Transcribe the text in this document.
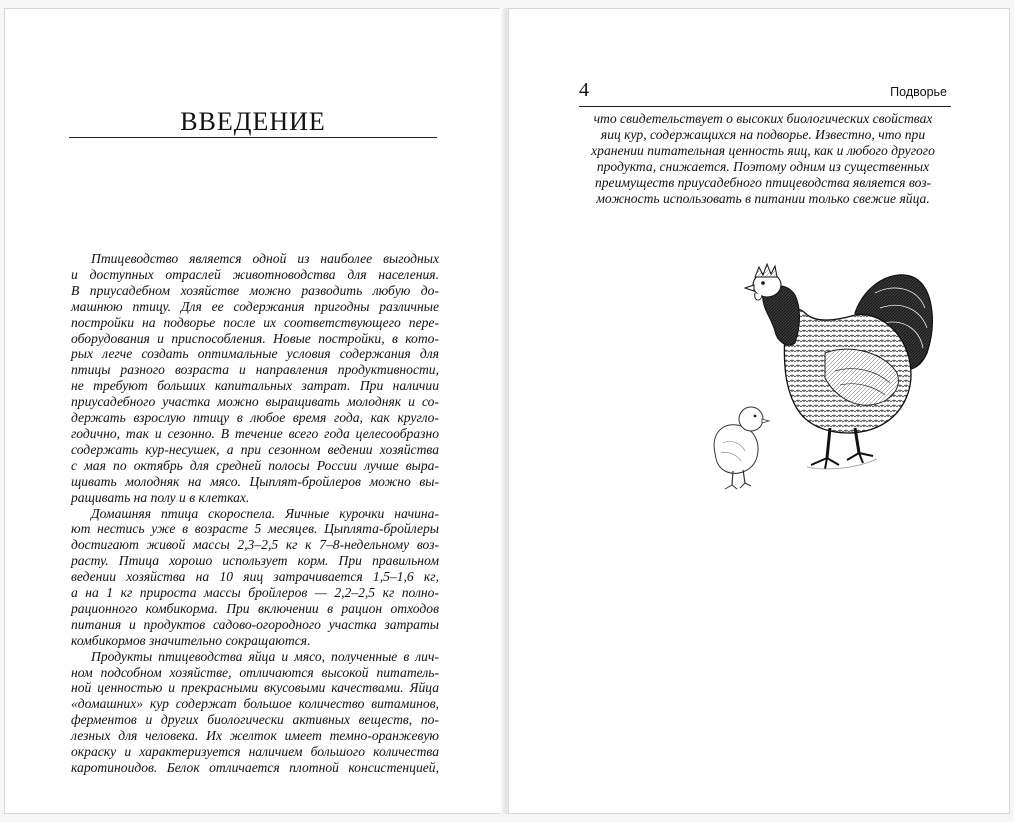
ВВЕДЕНИЕ
Птицеводство является одной из наиболее выгодных
и доступных отраслей животноводства для населения.
В приусадебном хозяйстве можно разводить любую до-
машнюю птицу. Для ее содержания пригодны различные
постройки на подворье после их соответствующего пере-
оборудования и приспособления. Новые постройки, в кото-
рых легче создать оптимальные условия содержания для
птицы разного возраста и направления продуктивности,
не требуют больших капитальных затрат. При наличии
приусадебного участка можно выращивать молодняк и со-
держать взрослую птицу в любое время года, как кругло-
годично, так и сезонно. В течение всего года целесообразно
содержать кур-несушек, а при сезонном ведении хозяйства
с мая по октябрь для средней полосы России лучше выра-
щивать молодняк на мясо. Цыплят-бройлеров можно вы-
ращивать на полу и в клетках.
Домашняя птица скороспела. Яичные курочки начина-
ют нестись уже в возрасте 5 месяцев. Цыплята-бройлеры
достигают живой массы 2,3–2,5 кг к 7–8-недельному воз-
расту. Птица хорошо использует корм. При правильном
ведении хозяйства на 10 яиц затрачивается 1,5–1,6 кг,
а на 1 кг прироста массы бройлеров — 2,2–2,5 кг полно-
рационного комбикорма. При включении в рацион отходов
питания и продуктов садово-огородного участка затраты
комбикормов значительно сокращаются.
Продукты птицеводства яйца и мясо, полученные в лич-
ном подсобном хозяйстве, отличаются высокой питатель-
ной ценностью и прекрасными вкусовыми качествами. Яйца
«домашних» кур содержат большое количество витаминов,
ферментов и других биологически активных веществ, по-
лезных для человека. Их желток имеет темно-оранжевую
окраску и характеризуется наличием большого количества
каротиноидов. Белок отличается плотной консистенцией,
4	Подворье
что свидетельствует о высоких биологических свойствах
яиц кур, содержащихся на подворье. Известно, что при
хранении питательная ценность яиц, как и любого другого
продукта, снижается. Поэтому одним из существенных
преимуществ приусадебного птицеводства является воз-
можность использовать в питании только свежие яйца.
